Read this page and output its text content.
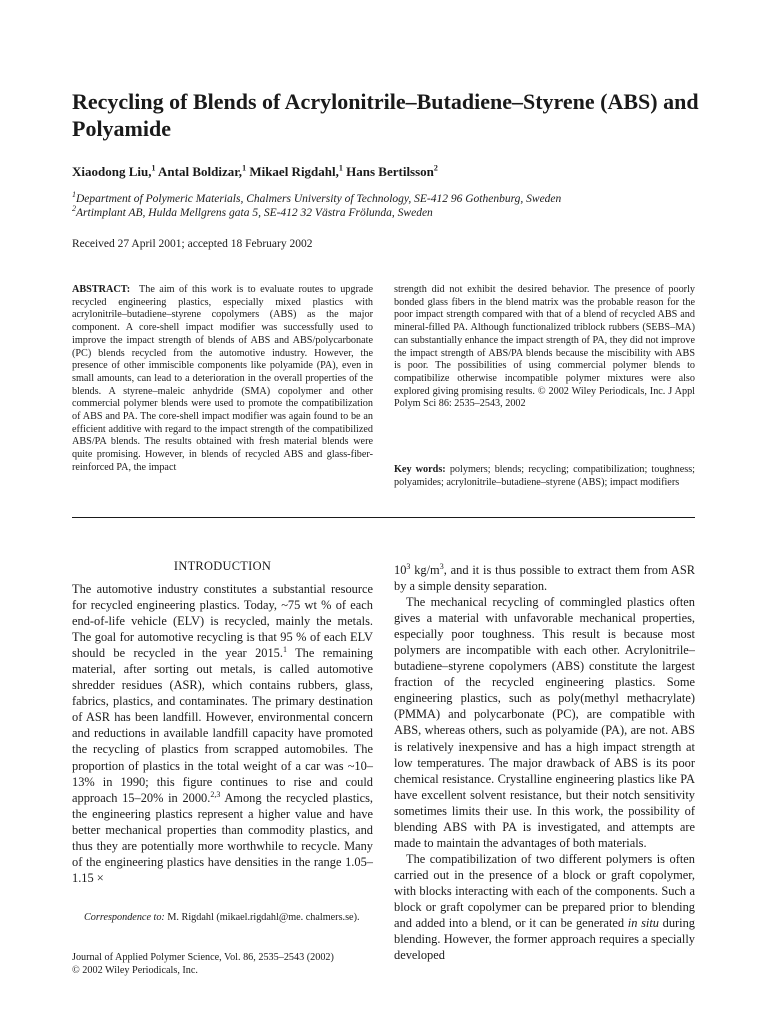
Recycling of Blends of Acrylonitrile–Butadiene–Styrene (ABS) and Polyamide
Xiaodong Liu,$^1$ Antal Boldizar,$^1$ Mikael Rigdahl,$^1$ Hans Bertilsson$^2$
$^1$Department of Polymeric Materials, Chalmers University of Technology, SE-412 96 Gothenburg, Sweden
$^2$Artimplant AB, Hulda Mellgrens gata 5, SE-412 32 Västra Frölunda, Sweden
Received 27 April 2001; accepted 18 February 2002
ABSTRACT: The aim of this work is to evaluate routes to upgrade recycled engineering plastics, especially mixed plastics with acrylonitrile–butadiene–styrene copolymers (ABS) as the major component. A core-shell impact modifier was successfully used to improve the impact strength of blends of ABS and ABS/polycarbonate (PC) blends recycled from the automotive industry. However, the presence of other immiscible components like polyamide (PA), even in small amounts, can lead to a deterioration in the overall properties of the blends. A styrene–maleic anhydride (SMA) copolymer and other commercial polymer blends were used to promote the compatibilization of ABS and PA. The core-shell impact modifier was again found to be an efficient additive with regard to the impact strength of the compatibilized ABS/PA blends. The results obtained with fresh material blends were quite promising. However, in blends of recycled ABS and glass-fiber-reinforced PA, the impact
strength did not exhibit the desired behavior. The presence of poorly bonded glass fibers in the blend matrix was the probable reason for the poor impact strength compared with that of a blend of recycled ABS and mineral-filled PA. Although functionalized triblock rubbers (SEBS–MA) can substantially enhance the impact strength of PA, they did not improve the impact strength of ABS/PA blends because the miscibility with ABS is poor. The possibilities of using commercial polymer blends to compatibilize otherwise incompatible polymer mixtures were also explored giving promising results. © 2002 Wiley Periodicals, Inc. J Appl Polym Sci 86: 2535–2543, 2002
Key words: polymers; blends; recycling; compatibilization; toughness; polyamides; acrylonitrile–butadiene–styrene (ABS); impact modifiers
INTRODUCTION

The automotive industry constitutes a substantial resource for recycled engineering plastics. Today, ~75 wt % of each end-of-life vehicle (ELV) is recycled, mainly the metals. The goal for automotive recycling is that 95 % of each ELV should be recycled in the year 2015.$^1$ The remaining material, after sorting out metals, is called automotive shredder residues (ASR), which contains rubbers, glass, fabrics, plastics, and contaminates. The primary destination of ASR has been landfill. However, environmental concern and reductions in available landfill capacity have promoted the recycling of plastics from scrapped automobiles. The proportion of plastics in the total weight of a car was ~10–13% in 1990; this figure continues to rise and could approach 15–20% in 2000.$^{2,3}$ Among the recycled plastics, the engineering plastics represent a higher value and have better mechanical properties than commodity plastics, and thus they are potentially more worthwhile to recycle. Many of the engineering plastics have densities in the range 1.05–1.15 ×

$10^3$ $kg/m^3$, and it is thus possible to extract them from ASR by a simple density separation.

The mechanical recycling of commingled plastics often gives a material with unfavorable mechanical properties, especially poor toughness. This result is because most polymers are incompatible with each other. Acrylonitrile–butadiene–styrene copolymers (ABS) constitute the largest fraction of the recycled engineering plastics. Some engineering plastics, such as poly(methyl methacrylate) (PMMA) and polycarbonate (PC), are compatible with ABS, whereas others, such as polyamide (PA), are not. ABS is relatively inexpensive and has a high impact strength at low temperatures. The major drawback of ABS is its poor chemical resistance. Crystalline engineering plastics like PA have excellent solvent resistance, but their notch sensitivity sometimes limits their use. In this work, the possibility of blending ABS with PA is investigated, and attempts are made to maintain the advantages of both materials.

The compatibilization of two different polymers is often carried out in the presence of a block or graft copolymer, with blocks interacting with each of the components. Such a block or graft copolymer can be prepared prior to blending and added into a blend, or it can be generated in situ during blending. However, the former approach requires a specially developed

Correspondence to: M. Rigdahl (mikael.rigdahl@me. chalmers.se).
Journal of Applied Polymer Science, Vol. 86, 2535–2543 (2002)
© 2002 Wiley Periodicals, Inc.
